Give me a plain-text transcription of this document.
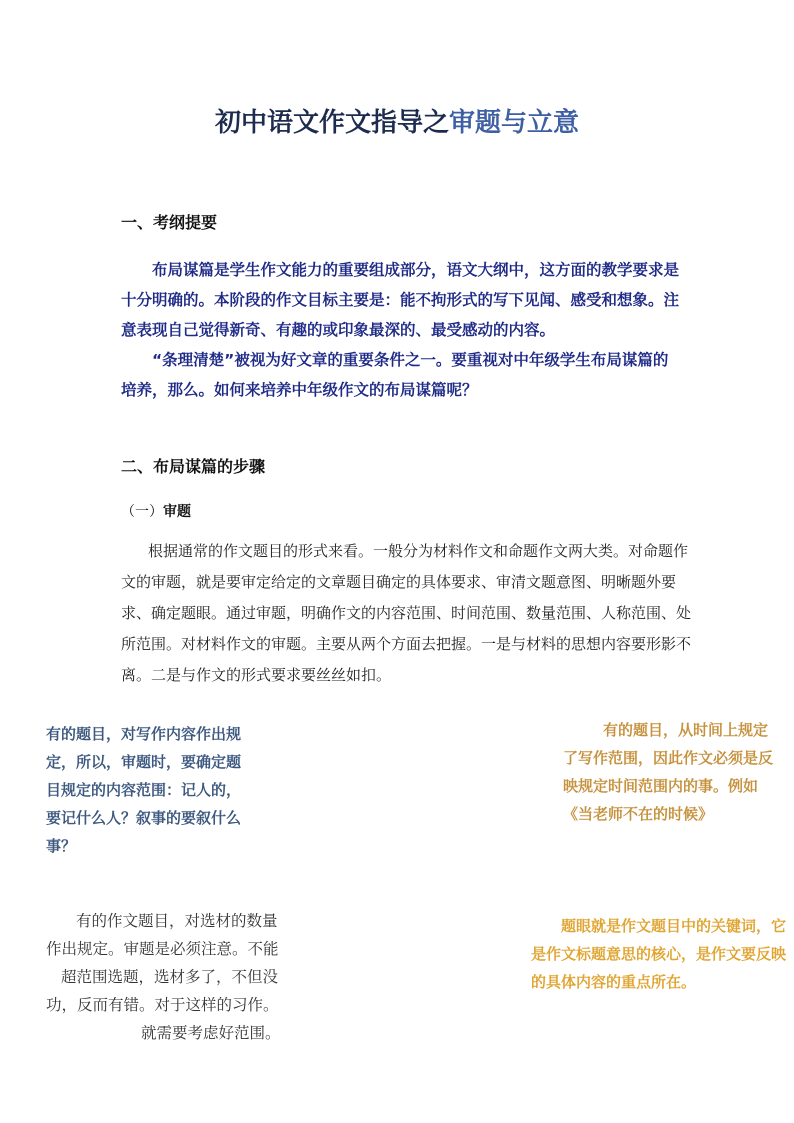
初中语文作文指导之审题与立意
一、考纲提要

布局谋篇是学生作文能力的重要组成部分，语文大纲中，这方面的教学要求是十分明确的。本阶段的作文目标主要是：能不拘形式的写下见闻、感受和想象。注意表现自己觉得新奇、有趣的或印象最深的、最受感动的内容。

“条理清楚”被视为好文章的重要条件之一。要重视对中年级学生布局谋篇的培养，那么。如何来培养中年级作文的布局谋篇呢？

二、布局谋篇的步骤
（一）审题

根据通常的作文题目的形式来看。一般分为材料作文和命题作文两大类。对命题作文的审题，就是要审定给定的文章题目确定的具体要求、审清文题意图、明晰题外要求、确定题眼。通过审题，明确作文的内容范围、时间范围、数量范围、人称范围、处所范围。对材料作文的审题。主要从两个方面去把握。一是与材料的思想内容要形影不离。二是与作文的形式要求要丝丝如扣。

有的题目，对写作内容作出规定，所以，审题时，要确定题目规定的内容范围：记人的，要记什么人？叙事的要叙什么事？
有的题目，从时间上规定了写作范围，因此作文必须是反映规定时间范围内的事。例如《当老师不在的时候》
有的作文题目，对选材的数量
作出规定。审题是必须注意。不能
超范围选题，选材多了，不但没
功，反而有错。对于这样的习作。
就需要考虑好范围。
题眼就是作文题目中的关键词，它是作文标题意思的核心，是作文要反映的具体内容的重点所在。
